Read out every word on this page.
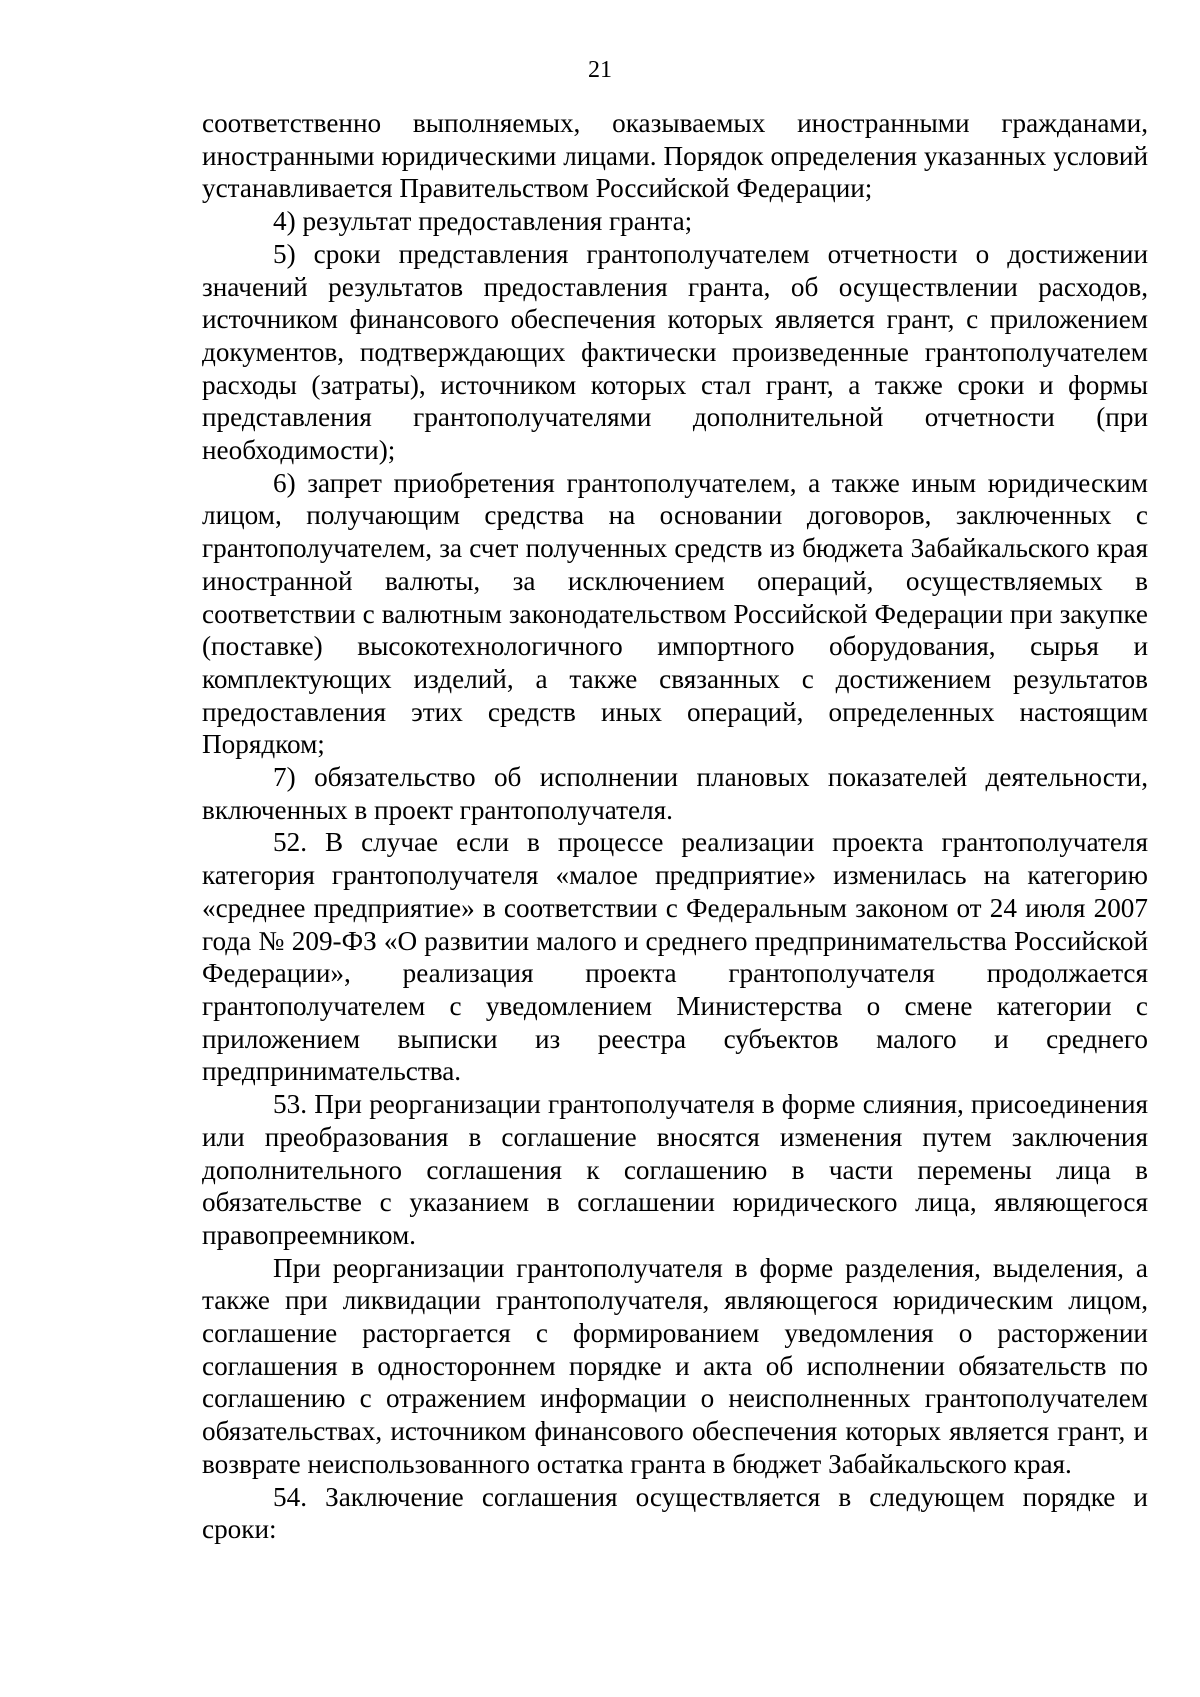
21

соответственно выполняемых, оказываемых иностранными гражданами, иностранными юридическими лицами. Порядок определения указанных условий устанавливается Правительством Российской Федерации;

4) результат предоставления гранта;

5) сроки представления грантополучателем отчетности о достижении значений результатов предоставления гранта, об осуществлении расходов, источником финансового обеспечения которых является грант, с приложением документов, подтверждающих фактически произведенные грантополучателем расходы (затраты), источником которых стал грант, а также сроки и формы представления грантополучателями дополнительной отчетности (при необходимости);

6) запрет приобретения грантополучателем, а также иным юридическим лицом, получающим средства на основании договоров, заключенных с грантополучателем, за счет полученных средств из бюджета Забайкальского края иностранной валюты, за исключением операций, осуществляемых в соответствии с валютным законодательством Российской Федерации при закупке (поставке) высокотехнологичного импортного оборудования, сырья и комплектующих изделий, а также связанных с достижением результатов предоставления этих средств иных операций, определенных настоящим Порядком;

7) обязательство об исполнении плановых показателей деятельности, включенных в проект грантополучателя.

52. В случае если в процессе реализации проекта грантополучателя категория грантополучателя «малое предприятие» изменилась на категорию «среднее предприятие» в соответствии с Федеральным законом от 24 июля 2007 года № 209-ФЗ «О развитии малого и среднего предпринимательства Российской Федерации», реализация проекта грантополучателя продолжается грантополучателем с уведомлением Министерства о смене категории с приложением выписки из реестра субъектов малого и среднего предпринимательства.

53. При реорганизации грантополучателя в форме слияния, присоединения или преобразования в соглашение вносятся изменения путем заключения дополнительного соглашения к соглашению в части перемены лица в обязательстве с указанием в соглашении юридического лица, являющегося правопреемником.

При реорганизации грантополучателя в форме разделения, выделения, а также при ликвидации грантополучателя, являющегося юридическим лицом, соглашение расторгается с формированием уведомления о расторжении соглашения в одностороннем порядке и акта об исполнении обязательств по соглашению с отражением информации о неисполненных грантополучателем обязательствах, источником финансового обеспечения которых является грант, и возврате неиспользованного остатка гранта в бюджет Забайкальского края.

54. Заключение соглашения осуществляется в следующем порядке и сроки:
